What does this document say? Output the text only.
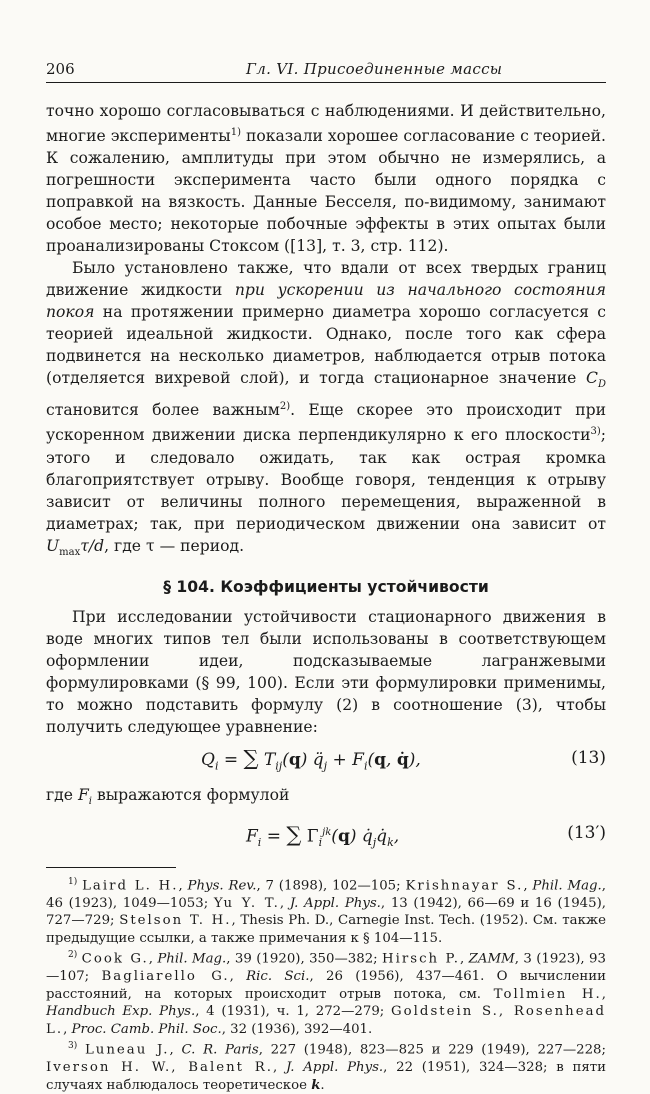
206	Гл. VI. Присоединенные массы

точно хорошо согласовываться с наблюдениями. И действительно, многие эксперименты$^{1)}$ показали хорошее согласование с теорией. К сожалению, амплитуды при этом обычно не измерялись, а погрешности эксперимента часто были одного порядка с поправкой на вязкость. Данные Бесселя, по-видимому, занимают особое место; некоторые побочные эффекты в этих опытах были проанализированы Стоксом ([13], т. 3, стр. 112).

Было установлено также, что вдали от всех твердых границ движение жидкости при ускорении из начального состояния покоя на протяжении примерно диаметра хорошо согласуется с теорией идеальной жидкости. Однако, после того как сфера подвинется на несколько диаметров, наблюдается отрыв потока (отделяется вихревой слой), и тогда стационарное значение $C_D$ становится более важным$^{2)}$. Еще скорее это происходит при ускоренном движении диска перпендикулярно к его плоскости$^{3)}$; этого и следовало ожидать, так как острая кромка благоприятствует отрыву. Вообще говоря, тенденция к отрыву зависит от величины полного перемещения, выраженной в диаметрах; так, при периодическом движении она зависит от $U_{max}\tau/d$, где τ — период.

§ 104. Коэффициенты устойчивости

При исследовании устойчивости стационарного движения в воде многих типов тел были использованы в соответствующем оформлении идеи, подсказываемые лагранжевыми формулировками (§ 99, 100). Если эти формулировки применимы, то можно подставить формулу (2) в соотношение (3), чтобы получить следующее уравнение:

$Q_i$ = ∑ $T_{ij}(q)$ $q̈_j + F_i(q$, q̇),	(13)

где $F_i$ выражаются формулой

$F_i$ = ∑ $\Gamma_i^{jk}(q)$ $q̇_jq̇_k$,	(13′)

$^{1)}$ Laird L. H., Phys. Rev., 7 (1898), 102—105; Krishnayar S., Phil. Mag., 46 (1923), 1049—1053; Yu Y. T., J. Appl. Phys., 13 (1942), 66—69 и 16 (1945), 727—729; Stelson T. H., Thesis Ph. D., Carnegie Inst. Tech. (1952). См. также предыдущие ссылки, а также примечания к § 104—115.

$^{2)}$ Cook G., Phil. Mag., 39 (1920), 350—382; Hirsch P., ZAMM, 3 (1923), 93—107; Bagliarello G., Ric. Sci., 26 (1956), 437—461. О вычислении расстояний, на которых происходит отрыв потока, см. Tollmien H., Handbuch Exp. Phys., 4 (1931), ч. 1, 272—279; Goldstein S., Rosenhead L., Proc. Camb. Phil. Soc., 32 (1936), 392—401.

$^{3)}$ Luneau J., C. R. Paris, 227 (1948), 823—825 и 229 (1949), 227—228; Iverson H. W., Balent R., J. Appl. Phys., 22 (1951), 324—328; в пяти случаях наблюдалось теоретическое k.
